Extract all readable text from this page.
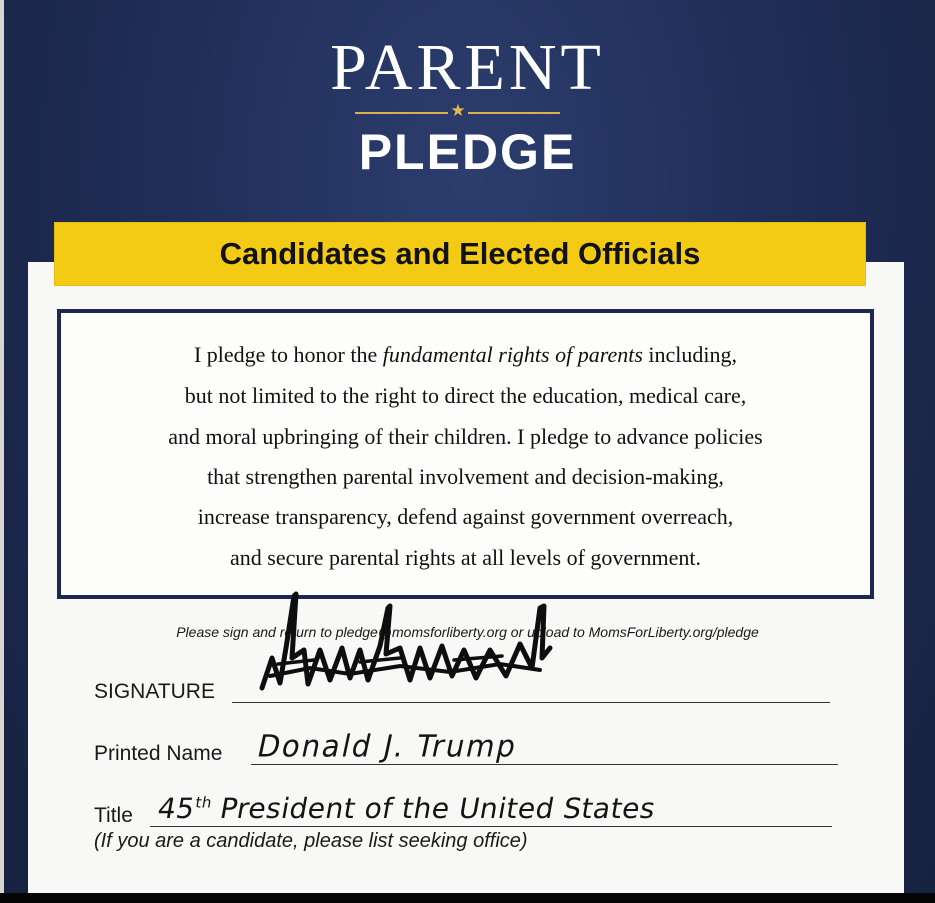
PARENT
★
PLEDGE
Candidates and Elected Officials
I pledge to honor the fundamental rights of parents including,
but not limited to the right to direct the education, medical care,
and moral upbringing of their children. I pledge to advance policies
that strengthen parental involvement and decision-making,
increase transparency, defend against government overreach,
and secure parental rights at all levels of government.
Please sign and return to pledge@momsforliberty.org or upload to MomsForLiberty.org/pledge
SIGNATURE
Printed Name Donald J. Trump
Title 45th President of the United States
(If you are a candidate, please list seeking office)
